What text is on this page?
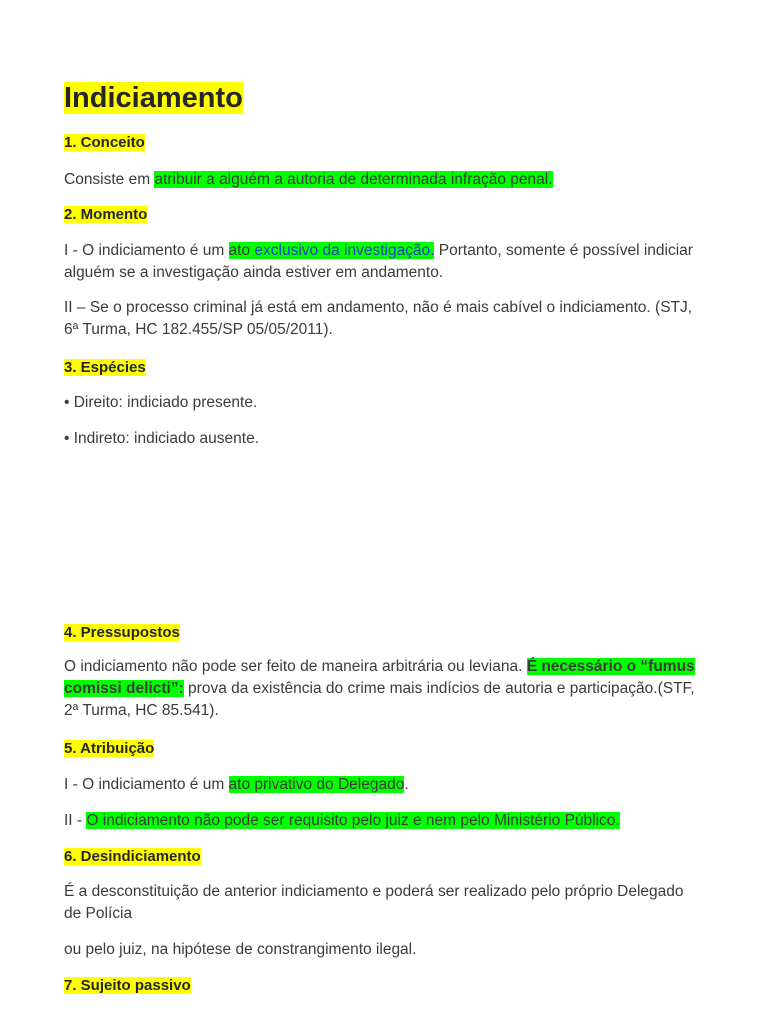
Indiciamento
1. Conceito
Consiste em atribuir a alguém a autoria de determinada infração penal.
2. Momento
I - O indiciamento é um ato exclusivo da investigação. Portanto, somente é possível indiciar alguém se a investigação ainda estiver em andamento.
II – Se o processo criminal já está em andamento, não é mais cabível o indiciamento. (STJ, 6ª Turma, HC 182.455/SP 05/05/2011).
3. Espécies
• Direito: indiciado presente.
• Indireto: indiciado ausente.
4. Pressupostos
O indiciamento não pode ser feito de maneira arbitrária ou leviana. É necessário o “fumus comissi delicti”: prova da existência do crime mais indícios de autoria e participação.(STF, 2ª Turma, HC 85.541).
5. Atribuição
I - O indiciamento é um ato privativo do Delegado.
II - O indiciamento não pode ser requisito pelo juiz e nem pelo Ministério Público.
6. Desindiciamento
É a desconstituição de anterior indiciamento e poderá ser realizado pelo próprio Delegado de Polícia
ou pelo juiz, na hipótese de constrangimento ilegal.
7. Sujeito passivo
